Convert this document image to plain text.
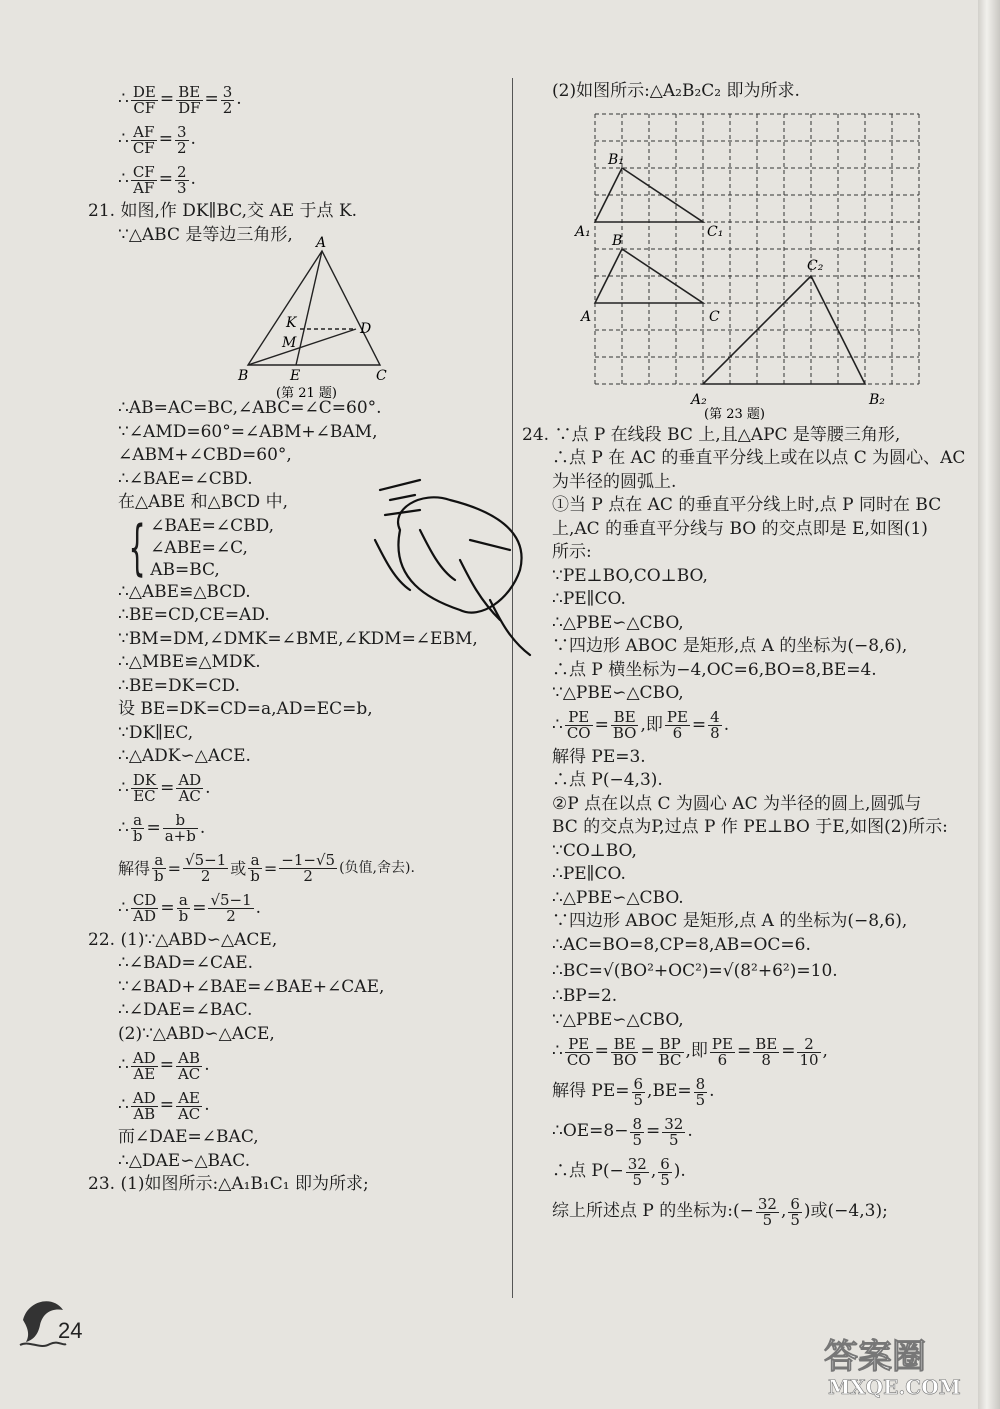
∴ $\frac{DE}{CF} = \frac{BE}{DF} = \frac{3}{2}$ .
∴ $\frac{AF}{CF} = \frac{3}{2}$ .
∴ $\frac{CF}{AF} = \frac{2}{3}$ .
21. 如图,作 DK∥BC,交 AE 于点 K.
∵△ABC 是等边三角形,	A
B	C
D
E
K
M
(第 21 题)
∴AB=AC=BC,∠ABC=∠C=60°.
∵∠AMD=60°=∠ABM+∠BAM,
∠ABM+∠CBD=60°,
∴∠BAE=∠CBD.
在△ABE 和△BCD 中,
{ ∠BAE=∠CBD,
∠ABE=∠C,
AB=BC,
∴△ABE≌△BCD.
∴BE=CD,CE=AD.
∵BM=DM,∠DMK=∠BME,∠KDM=∠EBM,
∴△MBE≌△MDK.
∴BE=DK=CD.
设 BE=DK=CD=a,AD=EC=b,
∵DK∥EC,
∴△ADK∽△ACE.
∴ $\frac{DK}{EC} = \frac{AD}{AC}$ .
∴ $\frac{a}{b} = \frac{b}{a+b}$ .
解得 $\frac{a}{b} = \frac{√5-1}{2}$ 或 $\frac{a}{b} = \frac{-1-√5}{2}$ (负值,舍去).
∴ $\frac{CD}{AD} = \frac{a}{b} = \frac{√5-1}{2}$ .
22. (1)∵△ABD∽△ACE,
∴∠BAD=∠CAE.
∵∠BAD+∠BAE=∠BAE+∠CAE,
∴∠DAE=∠BAC.
(2)∵△ABD∽△ACE,
∴ $\frac{AD}{AE} = \frac{AB}{AC}$ .
∴ $\frac{AD}{AB} = \frac{AE}{AC}$ .
而∠DAE=∠BAC,
∴△DAE∽△BAC.
23. (1)如图所示:△A₁B₁C₁ 即为所求;
(2)如图所示:△A₂B₂C₂ 即为所求.
A
B
C
A₁
B₁
C₁
A₂
C₂
B₂
(第 23 题)
24. ∵点 P 在线段 BC 上,且△APC 是等腰三角形,
∴点 P 在 AC 的垂直平分线上或在以点 C 为圆心、AC
为半径的圆弧上.
①当 P 点在 AC 的垂直平分线上时,点 P 同时在 BC
上,AC 的垂直平分线与 BO 的交点即是 E,如图(1)
所示:
∵PE⊥BO,CO⊥BO,
∴PE∥CO.
∴△PBE∽△CBO,
∵四边形 ABOC 是矩形,点 A 的坐标为(−8,6),
∴点 P 横坐标为−4,OC=6,BO=8,BE=4.
∵△PBE∽△CBO,
∴ $\frac{PE}{CO} = \frac{BE}{BO}$ ,即 $\frac{PE}{6} = \frac{4}{8}$ .
解得 PE=3.
∴点 P(−4,3).
②P 点在以点 C 为圆心 AC 为半径的圆上,圆弧与
BC 的交点为P,过点 P 作 PE⊥BO 于E,如图(2)所示:
∵CO⊥BO,
∴PE∥CO.
∴△PBE∽△CBO.
∵四边形 ABOC 是矩形,点 A 的坐标为(−8,6),
∴AC=BO=8,CP=8,AB=OC=6.
∴BC=√(BO²+OC²)=√(8²+6²)=10.
∴BP=2.
∵△PBE∽△CBO,
∴ $\frac{PE}{CO} = \frac{BE}{BO} = \frac{BP}{BC}$ ,即 $\frac{PE}{6} = \frac{BE}{8} = \frac{2}{10}$ ,
解得 $PE= \frac{6}{5} ,BE= \frac{8}{5}$ .
∴OE=8− $\frac{8}{5} = \frac{32}{5}$ .
∴点 $P(- \frac{32}{5}$ , $\frac{6}{5}$ ).
综上所述点 P 的坐标为:(− $\frac{32}{5}$ , $\frac{6}{5}$ )或(−4,3);
24
答案圈
MXQE.COM
